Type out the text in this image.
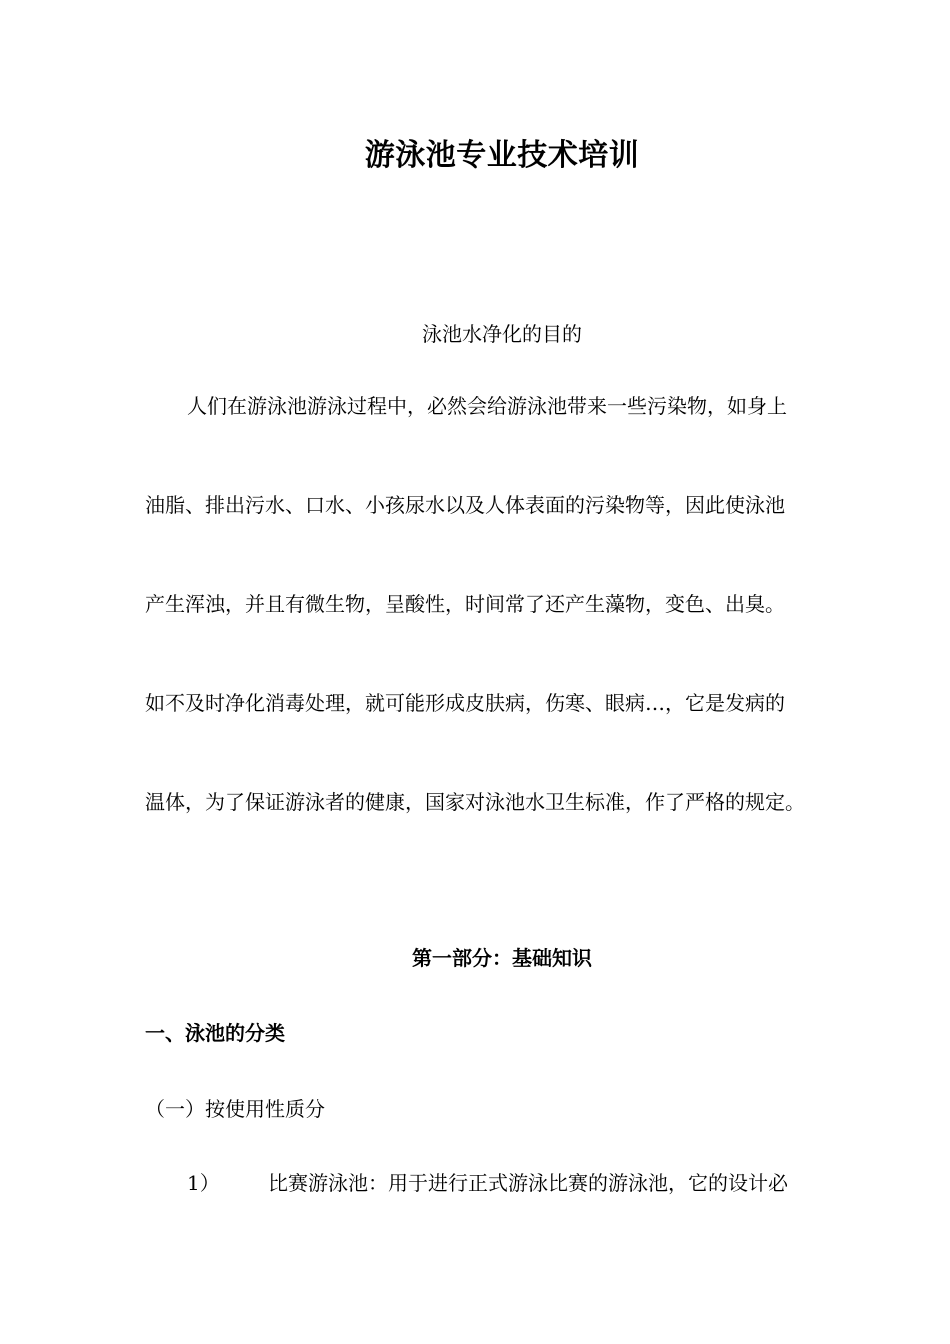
游泳池专业技术培训
泳池水净化的目的
人们在游泳池游泳过程中，必然会给游泳池带来一些污染物，如身上
油脂、排出污水、口水、小孩尿水以及人体表面的污染物等，因此使泳池
产生浑浊，并且有微生物，呈酸性，时间常了还产生藻物，变色、出臭。
如不及时净化消毒处理，就可能形成皮肤病，伤寒、眼病…，它是发病的
温体，为了保证游泳者的健康，国家对泳池水卫生标准，作了严格的规定。
第一部分：基础知识
一、泳池的分类
（一）按使用性质分
1） 比赛游泳池：用于进行正式游泳比赛的游泳池，它的设计必
